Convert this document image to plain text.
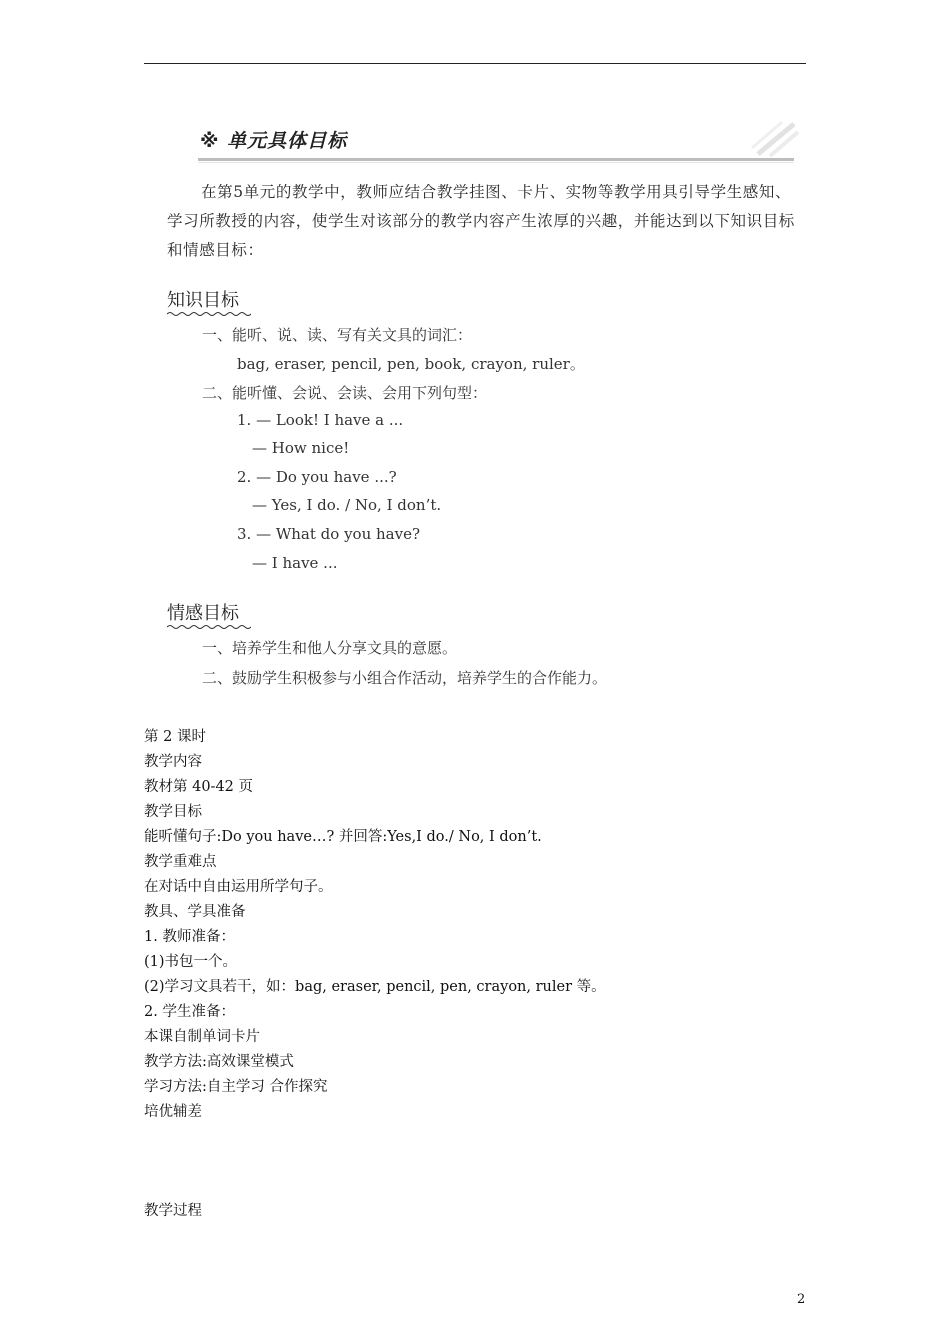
※ 单元具体目标
在第5单元的教学中，教师应结合教学挂图、卡片、实物等教学用具引导学生感知、学习所教授的内容，使学生对该部分的教学内容产生浓厚的兴趣，并能达到以下知识目标和情感目标：
知识目标
一、能听、说、读、写有关文具的词汇：
bag, eraser, pencil, pen, book, crayon, ruler。
二、能听懂、会说、会读、会用下列句型：
1. — Look! I have a ...
— How nice!
2. — Do you have ...?
— Yes, I do. / No, I don’t.
3. — What do you have?
— I have ...
情感目标
一、培养学生和他人分享文具的意愿。
二、鼓励学生积极参与小组合作活动，培养学生的合作能力。
第 2 课时
教学内容
教材第 40-42 页
教学目标
能听懂句子:Do you have…? 并回答:Yes,I do./ No, I don’t.
教学重难点
在对话中自由运用所学句子。
教具、学具准备
1. 教师准备：
(1)书包一个。
(2)学习文具若干，如：bag, eraser, pencil, pen, crayon, ruler 等。
2. 学生准备：
本课自制单词卡片
教学方法:高效课堂模式
学习方法:自主学习 合作探究
培优辅差
教学过程
2
